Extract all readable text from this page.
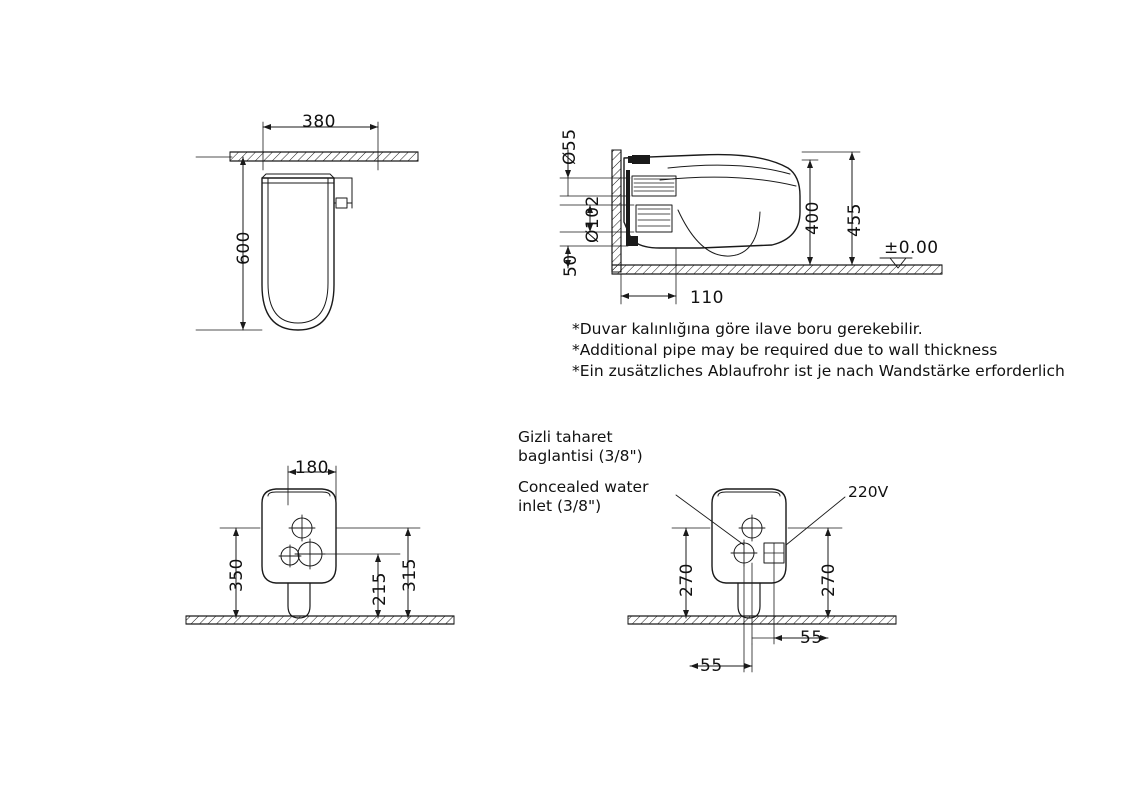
380
600
Ø55
Ø102
50
110
400 455
±0.00
*Duvar kalınlığına göre ilave boru gerekebilir.
*Additional pipe may be required due to wall thickness
*Ein zusätzliches Ablaufrohr ist je nach Wandstärke erforderlich
180
350	215 315	270	270
55
55
Gizli taharet
baglantisi (3/8")
Concealed water
inlet (3/8")
220V
